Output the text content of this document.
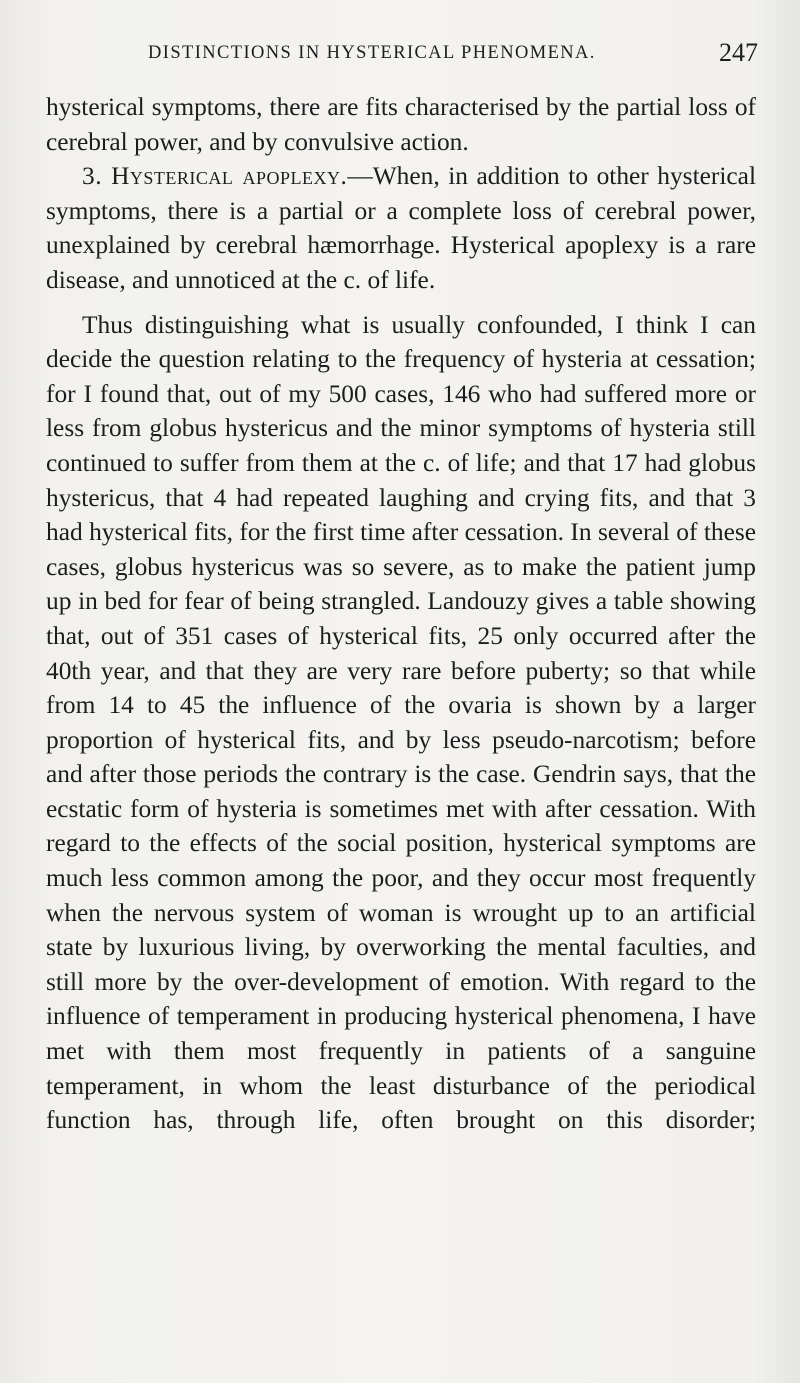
DISTINCTIONS IN HYSTERICAL PHENOMENA.	247

hysterical symptoms, there are fits characterised by the partial loss of cerebral power, and by convulsive action.

3. Hysterical apoplexy.—When, in addition to other hysterical symptoms, there is a partial or a complete loss of cerebral power, unexplained by cerebral hæmorrhage. Hysterical apoplexy is a rare disease, and unnoticed at the c. of life.

Thus distinguishing what is usually confounded, I think I can decide the question relating to the frequency of hysteria at cessation; for I found that, out of my 500 cases, 146 who had suffered more or less from globus hystericus and the minor symptoms of hysteria still continued to suffer from them at the c. of life; and that 17 had globus hystericus, that 4 had repeated laughing and crying fits, and that 3 had hysterical fits, for the first time after cessation. In several of these cases, globus hystericus was so severe, as to make the patient jump up in bed for fear of being strangled. Landouzy gives a table showing that, out of 351 cases of hysterical fits, 25 only occurred after the 40th year, and that they are very rare before puberty; so that while from 14 to 45 the influence of the ovaria is shown by a larger proportion of hysterical fits, and by less pseudo-narcotism; before and after those periods the contrary is the case. Gendrin says, that the ecstatic form of hysteria is sometimes met with after cessation. With regard to the effects of the social position, hysterical symptoms are much less common among the poor, and they occur most frequently when the nervous system of woman is wrought up to an artificial state by luxurious living, by overworking the mental faculties, and still more by the over-development of emotion. With regard to the influence of temperament in producing hysterical phenomena, I have met with them most frequently in patients of a sanguine temperament, in whom the least disturbance of the periodical function has, through life, often brought on this disorder;
